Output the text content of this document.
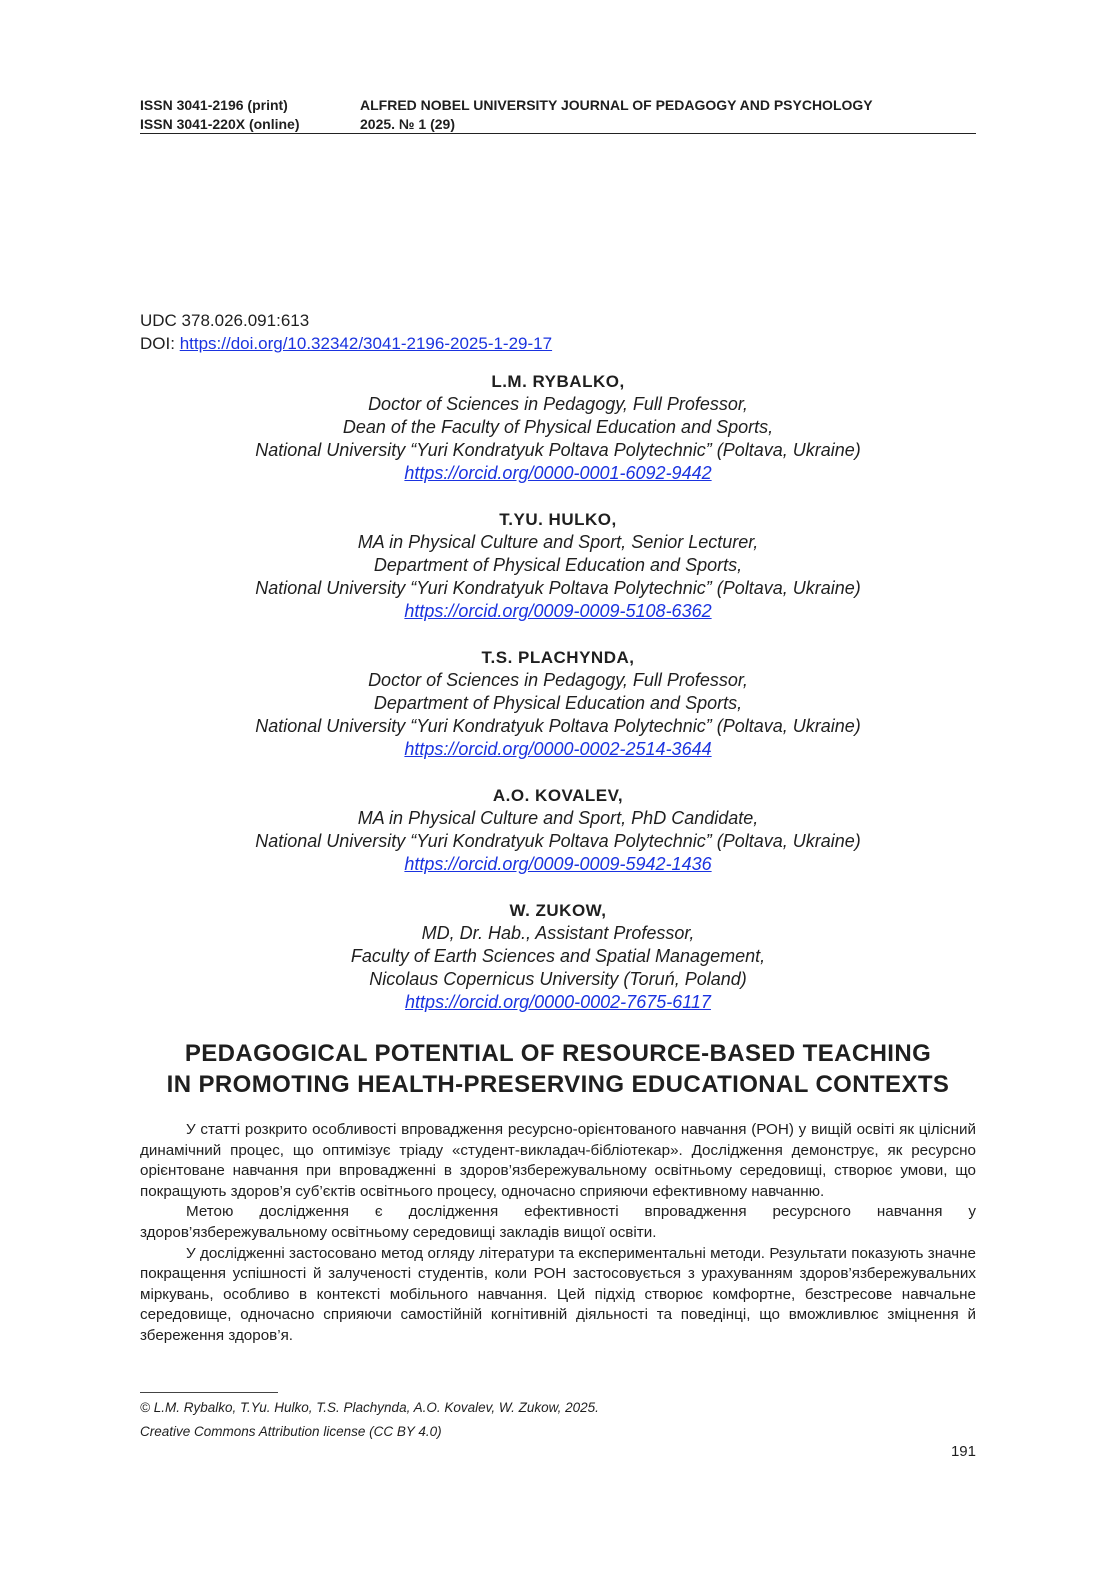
ISSN 3041-2196 (print)
ISSN 3041-220X (online)
ALFRED NOBEL UNIVERSITY JOURNAL OF PEDAGOGY AND PSYCHOLOGY
2025. № 1 (29)
UDC 378.026.091:613
DOI: https://doi.org/10.32342/3041-2196-2025-1-29-17
L.M. RYBALKO,
Doctor of Sciences in Pedagogy, Full Professor,
Dean of the Faculty of Physical Education and Sports,
National University “Yuri Kondratyuk Poltava Polytechnic” (Poltava, Ukraine)
https://orcid.org/0000-0001-6092-9442
T.YU. HULKO,
MA in Physical Culture and Sport, Senior Lecturer,
Department of Physical Education and Sports,
National University “Yuri Kondratyuk Poltava Polytechnic” (Poltava, Ukraine)
https://orcid.org/0009-0009-5108-6362
T.S. PLACHYNDA,
Doctor of Sciences in Pedagogy, Full Professor,
Department of Physical Education and Sports,
National University “Yuri Kondratyuk Poltava Polytechnic” (Poltava, Ukraine)
https://orcid.org/0000-0002-2514-3644
A.O. KOVALEV,
MA in Physical Culture and Sport, PhD Candidate,
National University “Yuri Kondratyuk Poltava Polytechnic” (Poltava, Ukraine)
https://orcid.org/0009-0009-5942-1436
W. ZUKOW,
MD, Dr. Hab., Assistant Professor,
Faculty of Earth Sciences and Spatial Management,
Nicolaus Copernicus University (Toruń, Poland)
https://orcid.org/0000-0002-7675-6117
PEDAGOGICAL POTENTIAL OF RESOURCE-BASED TEACHING
IN PROMOTING HEALTH-PRESERVING EDUCATIONAL CONTEXTS

У статті розкрито особливості впровадження ресурсно-орієнтованого навчання (РОН) у вищій освіті як цілісний динамічний процес, що оптимізує тріаду «студент-викладач-бібліотекар». Дослідження демонструє, як ресурсно орієнтоване навчання при впровадженні в здоров’язбережувальному освітньому середовищі, створює умови, що покращують здоров’я суб’єктів освітнього процесу, одночасно сприяючи ефективному навчанню.

Метою дослідження є дослідження ефективності впровадження ресурсного навчання у здоров’язбережувальному освітньому середовищі закладів вищої освіти.

У дослідженні застосовано метод огляду літератури та експериментальні методи. Результати показують значне покращення успішності й залученості студентів, коли РОН застосовується з урахуванням здоров’язбережувальних міркувань, особливо в контексті мобільного навчання. Цей підхід створює комфортне, безстресове навчальне середовище, одночасно сприяючи самостійній когнітивній діяльності та поведінці, що вможливлює зміцнення й збереження здоров’я.

© L.M. Rybalko, T.Yu. Hulko, T.S. Plachynda, A.O. Kovalev, W. Zukow, 2025.
Creative Commons Attribution license (CC BY 4.0)
191
